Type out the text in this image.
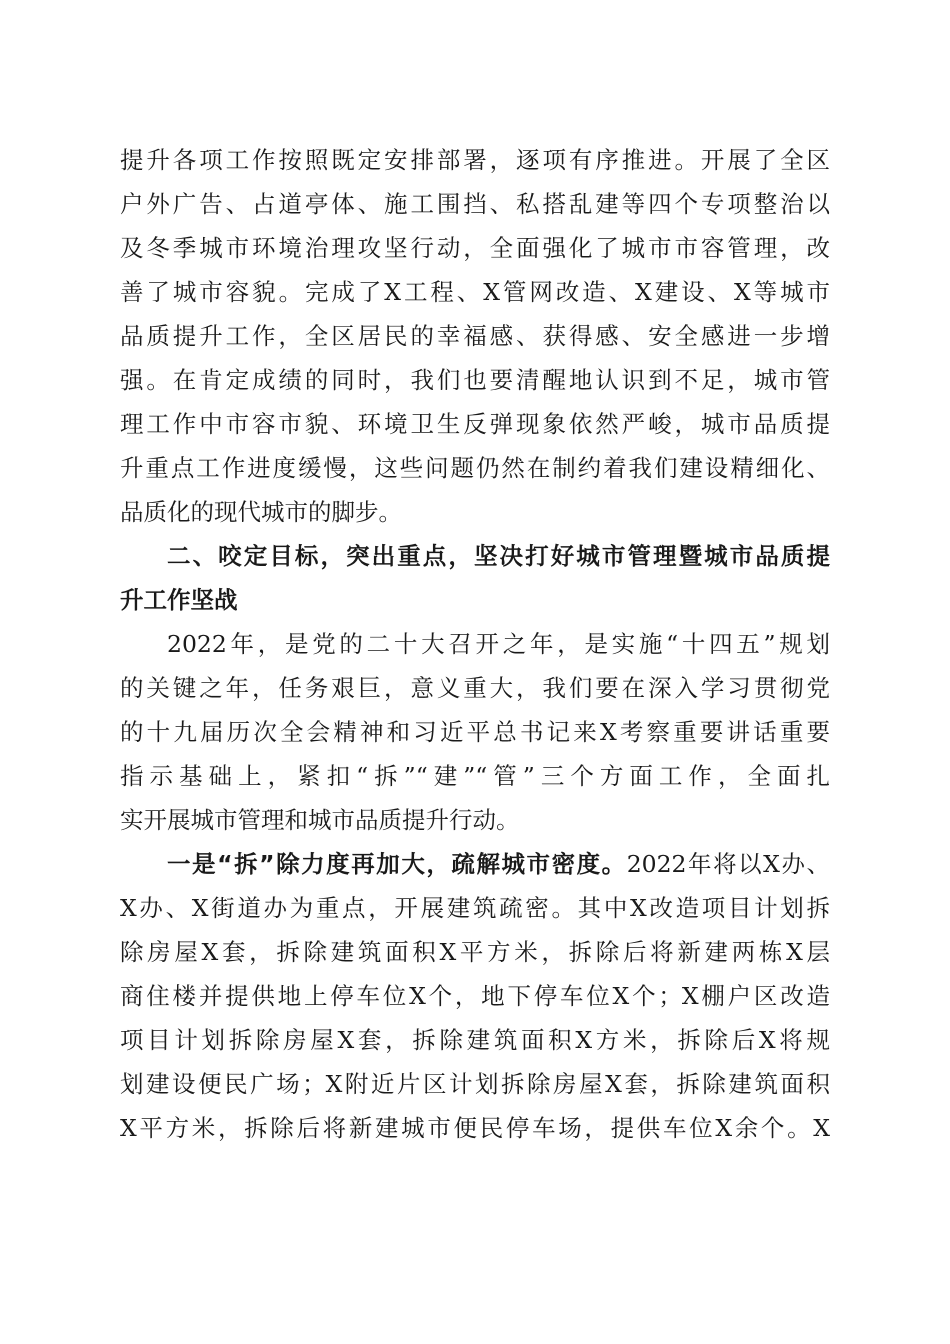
提升各项工作按照既定安排部署，逐项有序推进。开展了全区
户外广告、占道亭体、施工围挡、私搭乱建等四个专项整治以
及冬季城市环境治理攻坚行动，全面强化了城市市容管理，改
善了城市容貌。完成了X工程、X管网改造、X建设、X等城市
品质提升工作，全区居民的幸福感、获得感、安全感进一步增
强。在肯定成绩的同时，我们也要清醒地认识到不足，城市管
理工作中市容市貌、环境卫生反弹现象依然严峻，城市品质提
升重点工作进度缓慢，这些问题仍然在制约着我们建设精细化、
品质化的现代城市的脚步。
二、咬定目标，突出重点，坚决打好城市管理暨城市品质提
升工作坚战
2022年，是党的二十大召开之年，是实施“十四五”规划
的关键之年，任务艰巨，意义重大，我们要在深入学习贯彻党
的十九届历次全会精神和习近平总书记来X考察重要讲话重要
指示基础上，紧扣“拆”“建”“管”三个方面工作，全面扎
实开展城市管理和城市品质提升行动。
一是“拆”除力度再加大，疏解城市密度。2022年将以X办、
X办、X街道办为重点，开展建筑疏密。其中X改造项目计划拆
除房屋X套，拆除建筑面积X平方米，拆除后将新建两栋X层
商住楼并提供地上停车位X个，地下停车位X个；X棚户区改造
项目计划拆除房屋X套，拆除建筑面积X方米，拆除后X将规
划建设便民广场；X附近片区计划拆除房屋X套，拆除建筑面积
X平方米，拆除后将新建城市便民停车场，提供车位X余个。X
